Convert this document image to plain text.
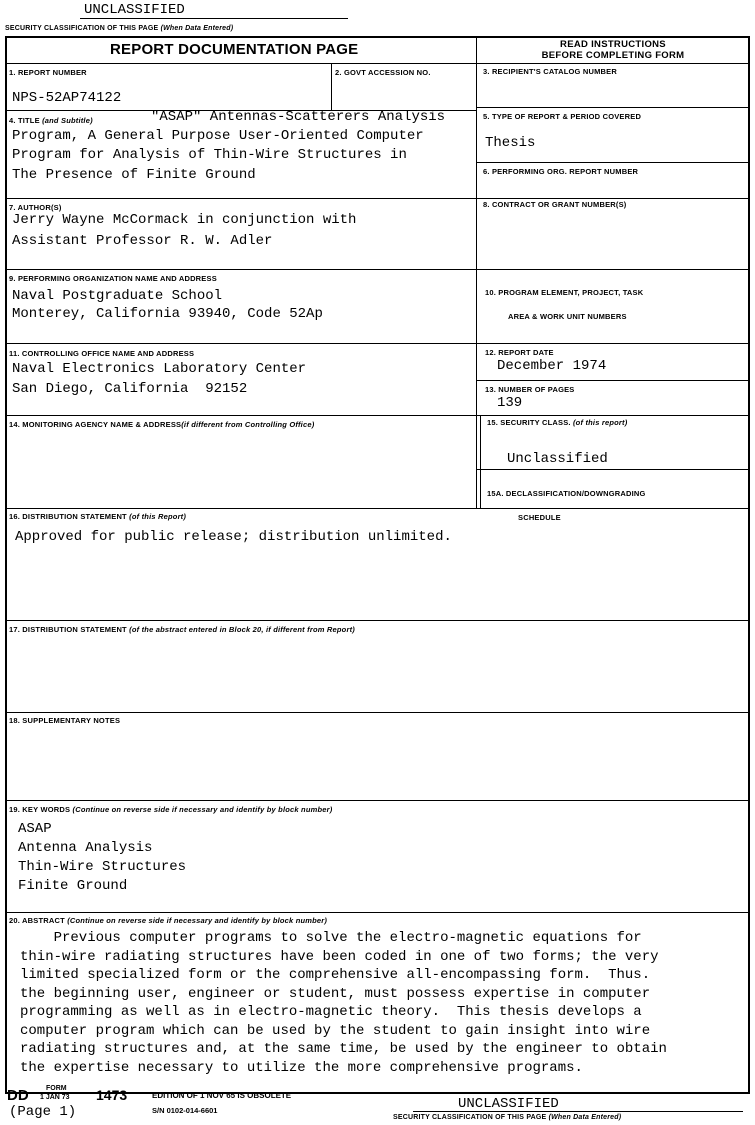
UNCLASSIFIED
SECURITY CLASSIFICATION OF THIS PAGE (When Data Entered)
REPORT DOCUMENTATION PAGE	READ INSTRUCTIONS
BEFORE COMPLETING FORM
1. REPORT NUMBER
NPS-52AP74122
2. GOVT ACCESSION NO.	3. RECIPIENT'S CATALOG NUMBER
4. TITLE (and Subtitle)	"ASAP" Antennas-Scatterers Analysis
Program, A General Purpose User-Oriented Computer
Program for Analysis of Thin-Wire Structures in
The Presence of Finite Ground
5. TYPE OF REPORT & PERIOD COVERED
Thesis
6. PERFORMING ORG. REPORT NUMBER
7. AUTHOR(S)
Jerry Wayne McCormack in conjunction with
Assistant Professor R. W. Adler
8. CONTRACT OR GRANT NUMBER(S)
9. PERFORMING ORGANIZATION NAME AND ADDRESS
Naval Postgraduate School
Monterey, California 93940, Code 52Ap

10. PROGRAM ELEMENT, PROJECT, TASK

AREA & WORK UNIT NUMBERS

11. CONTROLLING OFFICE NAME AND ADDRESS
Naval Electronics Laboratory Center
San Diego, California  92152
12. REPORT DATE
December 1974
13. NUMBER OF PAGES
139
14. MONITORING AGENCY NAME & ADDRESS(if different from Controlling Office)	15. SECURITY CLASS. (of this report)
Unclassified

15A. DECLASSIFICATION/DOWNGRADING

SCHEDULE

16. DISTRIBUTION STATEMENT (of this Report)
Approved for public release; distribution unlimited.
17. DISTRIBUTION STATEMENT (of the abstract entered in Block 20, if different from Report)
18. SUPPLEMENTARY NOTES
19. KEY WORDS (Continue on reverse side if necessary and identify by block number)
ASAP
Antenna Analysis
Thin-Wire Structures
Finite Ground
20. ABSTRACT (Continue on reverse side if necessary and identify by block number)
Previous computer programs to solve the electro-magnetic equations for
thin-wire radiating structures have been coded in one of two forms; the very
limited specialized form or the comprehensive all-encompassing form.  Thus.
the beginning user, engineer or student, must possess expertise in computer
programming as well as in electro-magnetic theory.  This thesis develops a
computer program which can be used by the student to gain insight into wire
radiating structures and, at the same time, be used by the engineer to obtain
the expertise necessary to utilize the more comprehensive programs.
DD FORM
1 JAN 73 1473	EDITION OF 1 NOV 65 IS OBSOLETE
S/N 0102-014-6601
(Page 1)	UNCLASSIFIED
SECURITY CLASSIFICATION OF THIS PAGE (When Data Entered)
